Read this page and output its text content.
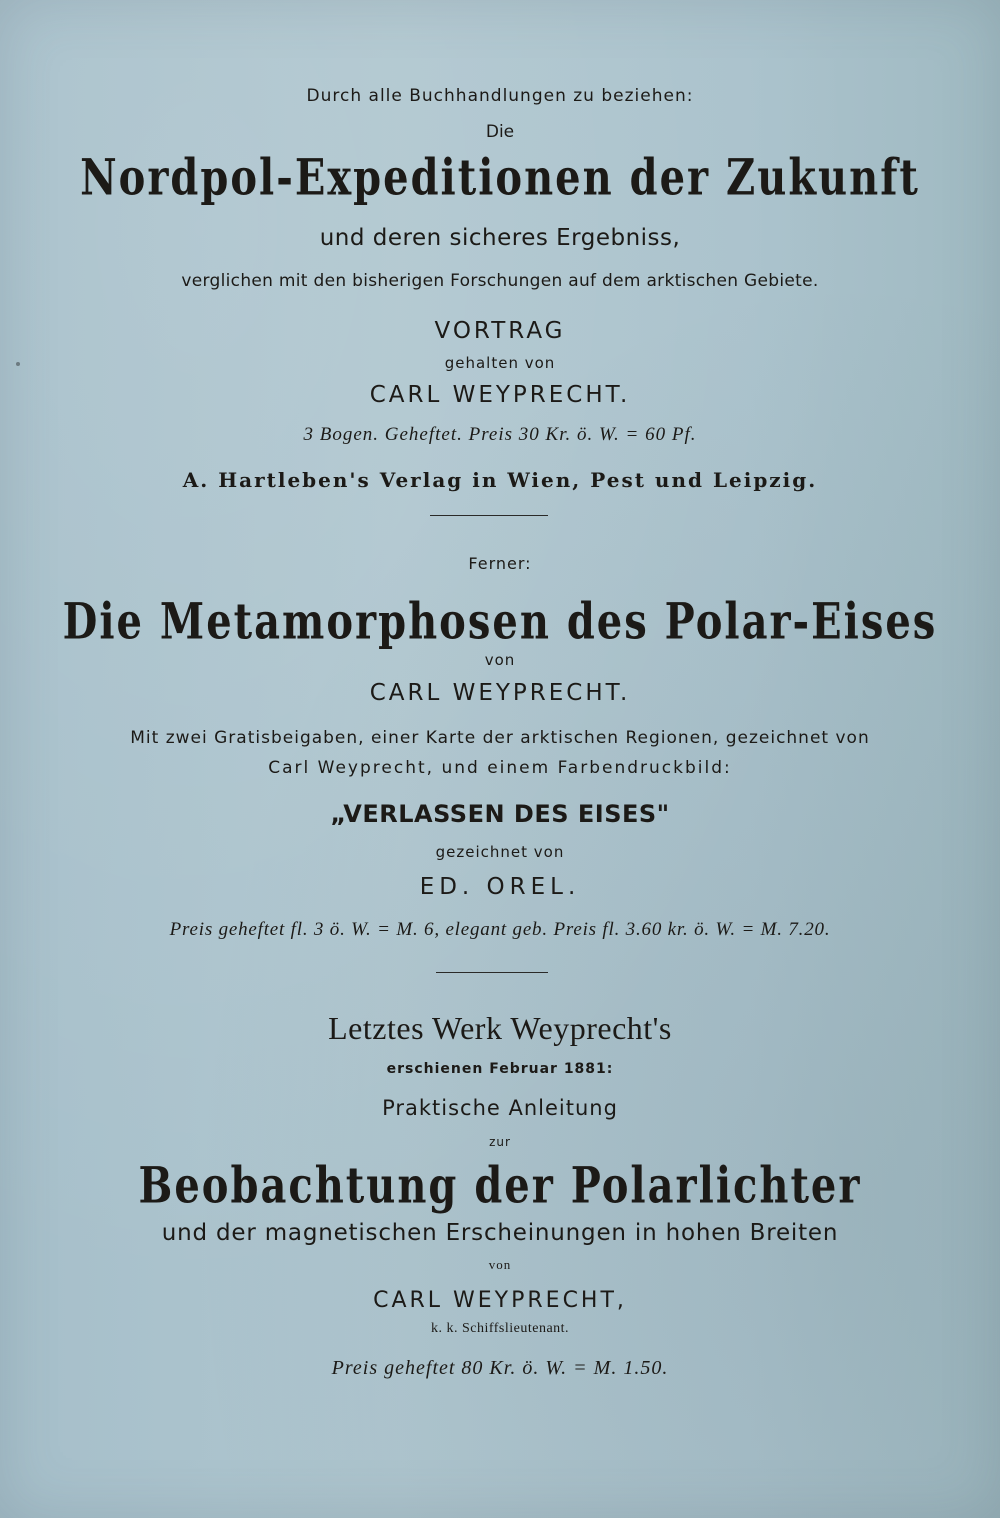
Durch alle Buchhandlungen zu beziehen:
Die
Nordpol-Expeditionen der Zukunft
und deren sicheres Ergebniss,
verglichen mit den bisherigen Forschungen auf dem arktischen Gebiete.
VORTRAG
gehalten von
CARL WEYPRECHT.
3 Bogen. Geheftet. Preis 30 Kr. ö. W. = 60 Pf.
A. Hartleben's Verlag in Wien, Pest und Leipzig.
Ferner:
Die Metamorphosen des Polar-Eises
von
CARL WEYPRECHT.
Mit zwei Gratisbeigaben, einer Karte der arktischen Regionen, gezeichnet von
Carl Weyprecht, und einem Farbendruckbild:
„VERLASSEN DES EISES"
gezeichnet von
ED. OREL.
Preis geheftet fl. 3 ö. W. = M. 6, elegant geb. Preis fl. 3.60 kr. ö. W. = M. 7.20.
Letztes Werk Weyprecht's
erschienen Februar 1881:
Praktische Anleitung
zur
Beobachtung der Polarlichter
und der magnetischen Erscheinungen in hohen Breiten
von
CARL WEYPRECHT,
k. k. Schiffslieutenant.
Preis geheftet 80 Kr. ö. W. = M. 1.50.
